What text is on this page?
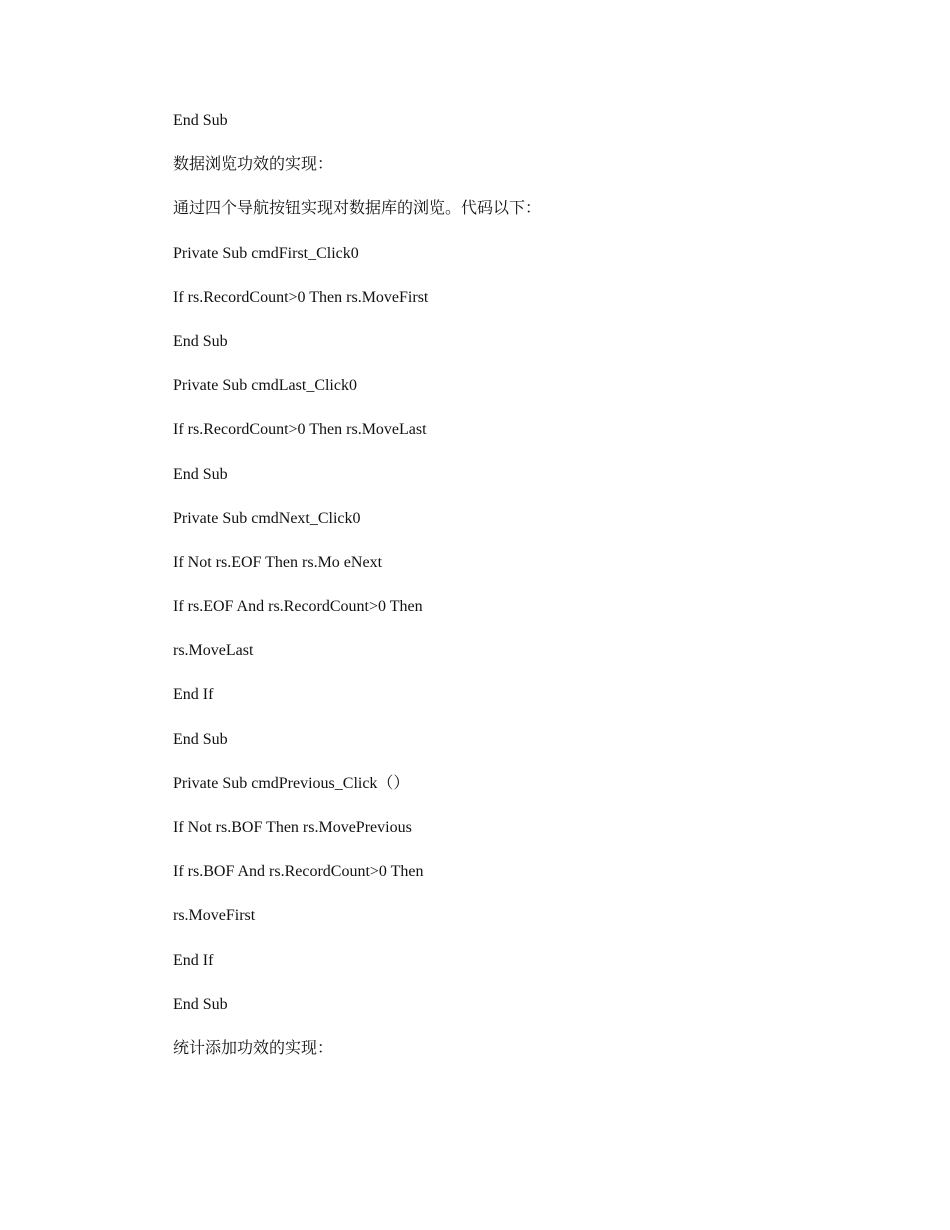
End Sub

数据浏览功效的实现：

通过四个导航按钮实现对数据库的浏览。代码以下：

Private Sub cmdFirst_Click0

If rs.RecordCount>0 Then rs.MoveFirst

End Sub

Private Sub cmdLast_Click0

If rs.RecordCount>0 Then rs.MoveLast

End Sub

Private Sub cmdNext_Click0

If Not rs.EOF Then rs.Mo eNext

If rs.EOF And rs.RecordCount>0 Then

rs.MoveLast

End If

End Sub

Private Sub cmdPrevious_Click（）

If Not rs.BOF Then rs.MovePrevious

If rs.BOF And rs.RecordCount>0 Then

rs.MoveFirst

End If

End Sub

统计添加功效的实现：
